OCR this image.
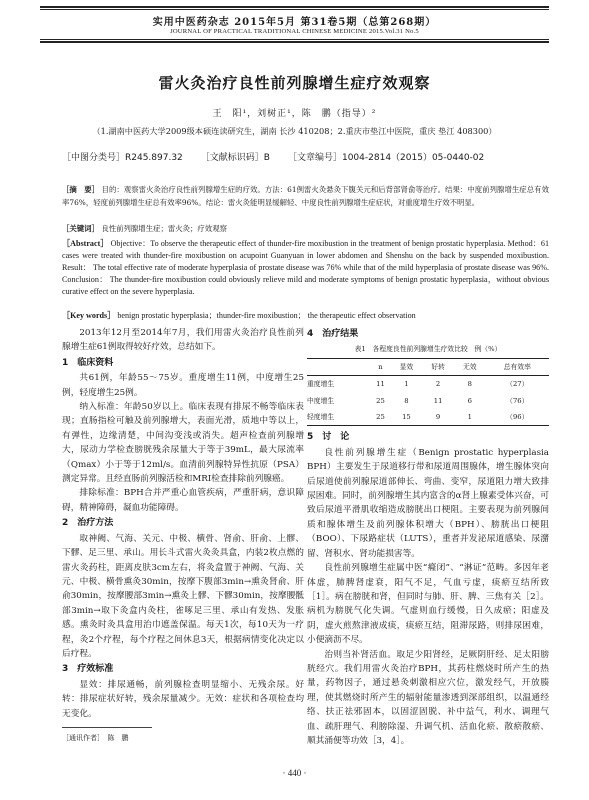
实用中医药杂志 2015年5月 第31卷5期（总第268期）
JOURNAL OF PRACTICAL TRADITIONAL CHINESE MEDICINE 2015.Vol.31 No.5
雷火灸治疗良性前列腺增生症疗效观察
王　阳¹，刘树正¹，陈　鹏（指导）²
（1.湖南中医药大学2009级本硕连读研究生，湖南 长沙 410208；2.重庆市垫江中医院，重庆 垫江 408300）
［中图分类号］R245.897.32 ［文献标识码］B ［文章编号］1004-2814（2015）05-0440-02
［摘　要］ 目的：观察雷火灸治疗良性前列腺增生症的疗效。方法：61例雷火灸悬灸下腹关元和后背部肾俞等治疗。结果：中度前列腺增生症总有效率76%，轻度前列腺增生症总有效率96%。结论：雷火灸能明显缓解轻、中度良性前列腺增生症症状，对重度增生疗效不明显。
［关键词］ 良性前列腺增生症；雷火灸；疗效观察
［Abstract］ Objective：To observe the therapeutic effect of thunder-fire moxibustion in the treatment of benign prostatic hyperplasia. Method：61 cases were treated with thunder-fire moxibustion on acupoint Guanyuan in lower abdomen and Shenshu on the back by suspended moxibustion. Result： The total effective rate of moderate hyperplasia of prostate disease was 76% while that of the mild hyperplasia of prostate disease was 96%. Conclusion： The thunder-fire moxibustion could obviously relieve mild and moderate symptoms of benign prostatic hyperplasia，without obvious curative effect on the severe hyperplasia.
［Key words］ benign prostatic hyperplasia；thunder-fire moxibustion； the therapeutic effect observation

2013年12月至2014年7月，我们用雷火灸治疗良性前列腺增生症61例取得较好疗效，总结如下。

1　临床资料

共61例，年龄55～75岁。重度增生11例，中度增生25例，轻度增生25例。

纳入标准：年龄50岁以上。临床表现有排尿不畅等临床表现；直肠指检可触及前列腺增大，表面光滑，质地中等以上，有弹性，边缘清楚，中间沟变浅或消失。超声检查前列腺增大，尿动力学检查膀胱残余尿量大于等于39mL，最大尿流率（Qmax）小于等于12ml/s。血清前列腺特异性抗原（PSA）测定异常。且经直肠前列腺活检和MRI检查排除前列腺癌。

排除标准：BPH合并严重心血管疾病，严重肝病，意识障碍，精神障碍，凝血功能障碍。

2　治疗方法

取神阙、气海、关元、中极、横骨、肾俞、肝俞、上髎、下髎、足三里、承山。用长斗式雷火灸灸具盒，内装2枚点燃的雷火灸药柱，距离皮肤3cm左右，将灸盒置于神阙、气海、关元、中极、横骨熏灸30min，按摩下腹部3min→熏灸肾俞、肝俞30min，按摩腰部3min→熏灸上髎、下髎30min，按摩腰骶部3min→取下灸盒内灸柱，雀啄足三里、承山有发热、发胀感。熏灸时灸具盒用治巾遮盖保温。每天1次，每10天为一疗程，灸2个疗程，每个疗程之间休息3天，根据病情变化决定以后疗程。

3　疗效标准

显效：排尿通畅，前列腺检查明显缩小、无残余尿。好转：排尿症状好转，残余尿量减少。无效：症状和各项检查均无变化。

4　治疗结果
表1　各程度良性前列腺增生疗效比较　例（%）
	n	显效	好转	无效	总有效率
重度增生	11	1	2	8	（27）
中度增生	25	8	11	6	（76）
轻度增生	25	15	9	1	（96）
5　讨　论

良性前列腺增生症（Benign prostatic hyperplasia BPH）主要发生于尿道移行带和尿道周围腺体，增生腺体突向后尿道使前列腺尿道部伸长、弯曲、变窄，尿道阻力增大致排尿困难。同时，前列腺增生其内富含的α肾上腺素受体兴奋，可致后尿道平滑肌收缩造成膀胱出口梗阻。主要表现为前列腺间质和腺体增生及前列腺体积增大（BPH）、膀胱出口梗阻（BOO）、下尿路症状（LUTS），重者并发泌尿道感染、尿潴留、肾积水、肾功能损害等。

良性前列腺增生症属中医“癃闭”、“淋证”范畴。多因年老体虚，肺脾肾虚衰，阳气不足，气血亏虚，痰瘀互结所致［1］。病在膀胱和肾，但同时与肺、肝、脾、三焦有关［2］。病机为膀胱气化失调。气虚则血行缓慢，日久成瘀；阳虚及阴，虚火煎熬津液成痰，痰瘀互结，阻滞尿路，则排尿困难，小便滴沥不尽。

治则当补肾活血。取足少阳肾经，足厥阴肝经、足太阳膀胱经穴。我们用雷火灸治疗BPH，其药柱燃烧时所产生的热量，药物因子，通过悬灸刺激相应穴位，激发经气，开放腠理，使其燃烧时所产生的辐射能量渗透到深部组织，以温通经络、扶正祛邪固本，以固涩固脱、补中益气，利水、调理气血、疏肝理气、利膀除湿、升调气机、活血化瘀、散瘀散瘀、顺其涌便等功效［3，4］。

［通讯作者］　陈　鹏
· 440 ·
